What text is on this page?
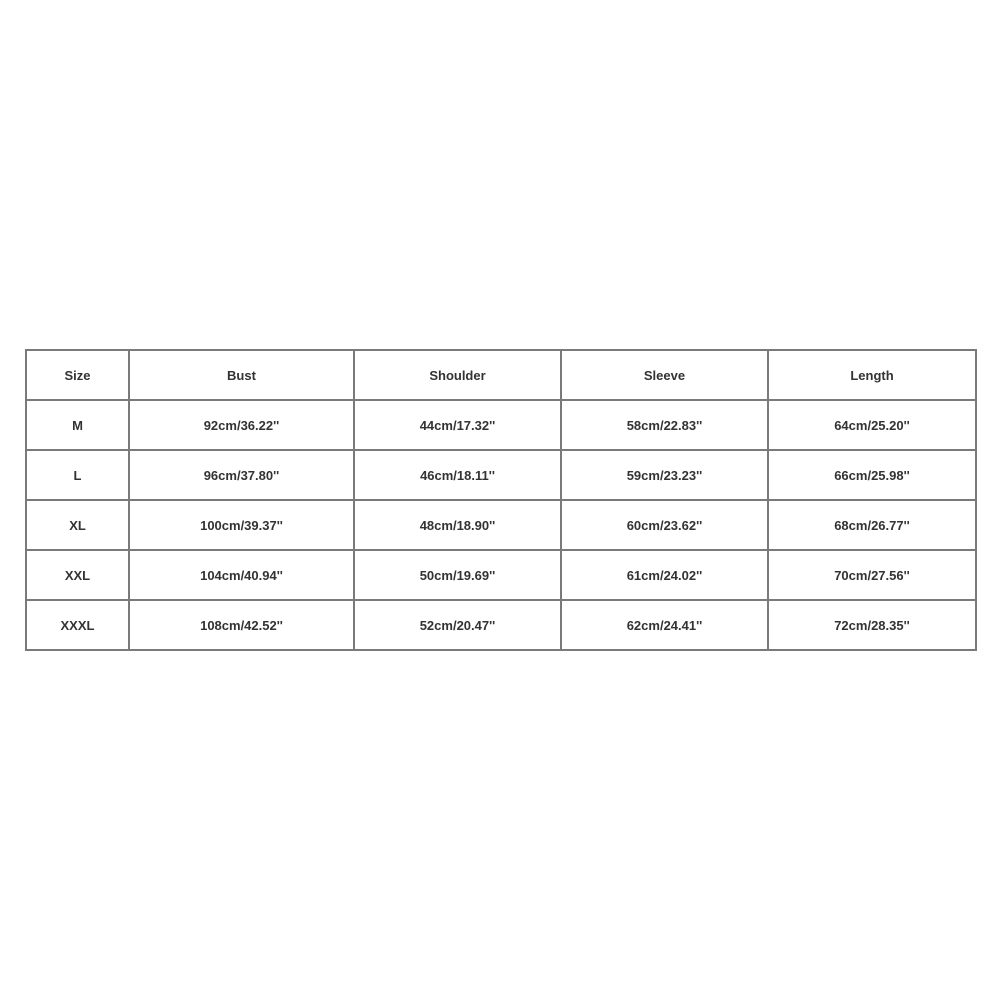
Size	Bust	Shoulder	Sleeve	Length
M	92cm/36.22''	44cm/17.32''	58cm/22.83''	64cm/25.20''
L	96cm/37.80''	46cm/18.11''	59cm/23.23''	66cm/25.98''
XL	100cm/39.37''	48cm/18.90''	60cm/23.62''	68cm/26.77''
XXL	104cm/40.94''	50cm/19.69''	61cm/24.02''	70cm/27.56''
XXXL	108cm/42.52''	52cm/20.47''	62cm/24.41''	72cm/28.35''
